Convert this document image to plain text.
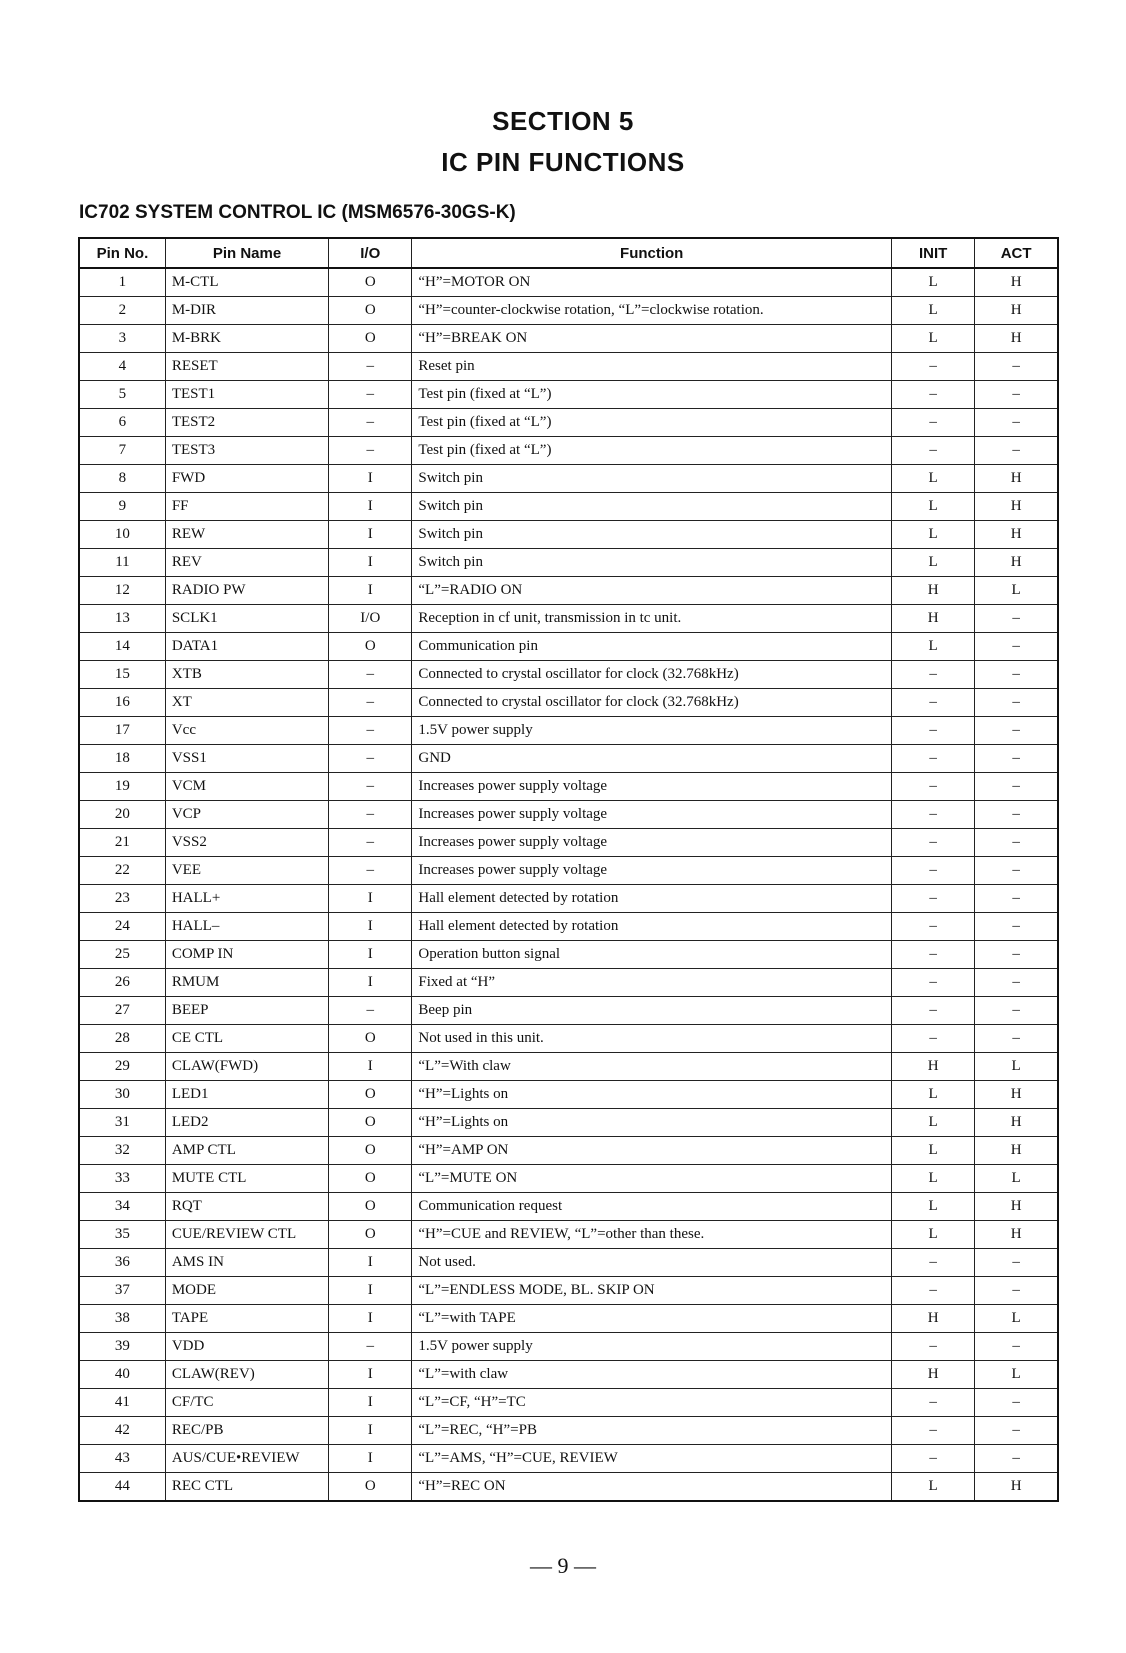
SECTION 5
IC PIN FUNCTIONS
IC702 SYSTEM CONTROL IC (MSM6576-30GS-K)
Pin No.	Pin Name	I/O	Function	INIT	ACT
1	M-CTL	O	“H”=MOTOR ON	L	H
2	M-DIR	O	“H”=counter-clockwise rotation, “L”=clockwise rotation.	L	H
3	M-BRK	O	“H”=BREAK ON	L	H
4	RESET	–	Reset pin	–	–
5	TEST1	–	Test pin (fixed at “L”)	–	–
6	TEST2	–	Test pin (fixed at “L”)	–	–
7	TEST3	–	Test pin (fixed at “L”)	–	–
8	FWD	I	Switch pin	L	H
9	FF	I	Switch pin	L	H
10	REW	I	Switch pin	L	H
11	REV	I	Switch pin	L	H
12	RADIO PW	I	“L”=RADIO ON	H	L
13	SCLK1	I/O	Reception in cf unit, transmission in tc unit.	H	–
14	DATA1	O	Communication pin	L	–
15	XTB	–	Connected to crystal oscillator for clock (32.768kHz)	–	–
16	XT	–	Connected to crystal oscillator for clock (32.768kHz)	–	–
17	Vcc	–	1.5V power supply	–	–
18	VSS1	–	GND	–	–
19	VCM	–	Increases power supply voltage	–	–
20	VCP	–	Increases power supply voltage	–	–
21	VSS2	–	Increases power supply voltage	–	–
22	VEE	–	Increases power supply voltage	–	–
23	HALL+	I	Hall element detected by rotation	–	–
24	HALL–	I	Hall element detected by rotation	–	–
25	COMP IN	I	Operation button signal	–	–
26	RMUM	I	Fixed at “H”	–	–
27	BEEP	–	Beep pin	–	–
28	CE CTL	O	Not used in this unit.	–	–
29	CLAW(FWD)	I	“L”=With claw	H	L
30	LED1	O	“H”=Lights on	L	H
31	LED2	O	“H”=Lights on	L	H
32	AMP CTL	O	“H”=AMP ON	L	H
33	MUTE CTL	O	“L”=MUTE ON	L	L
34	RQT	O	Communication request	L	H
35	CUE/REVIEW CTL	O	“H”=CUE and REVIEW, “L”=other than these.	L	H
36	AMS IN	I	Not used.	–	–
37	MODE	I	“L”=ENDLESS MODE, BL. SKIP ON	–	–
38	TAPE	I	“L”=with TAPE	H	L
39	VDD	–	1.5V power supply	–	–
40	CLAW(REV)	I	“L”=with claw	H	L
41	CF/TC	I	“L”=CF, “H”=TC	–	–
42	REC/PB	I	“L”=REC, “H”=PB	–	–
43	AUS/CUE•REVIEW	I	“L”=AMS, “H”=CUE, REVIEW	–	–
44	REC CTL	O	“H”=REC ON	L	H
— 9 —
